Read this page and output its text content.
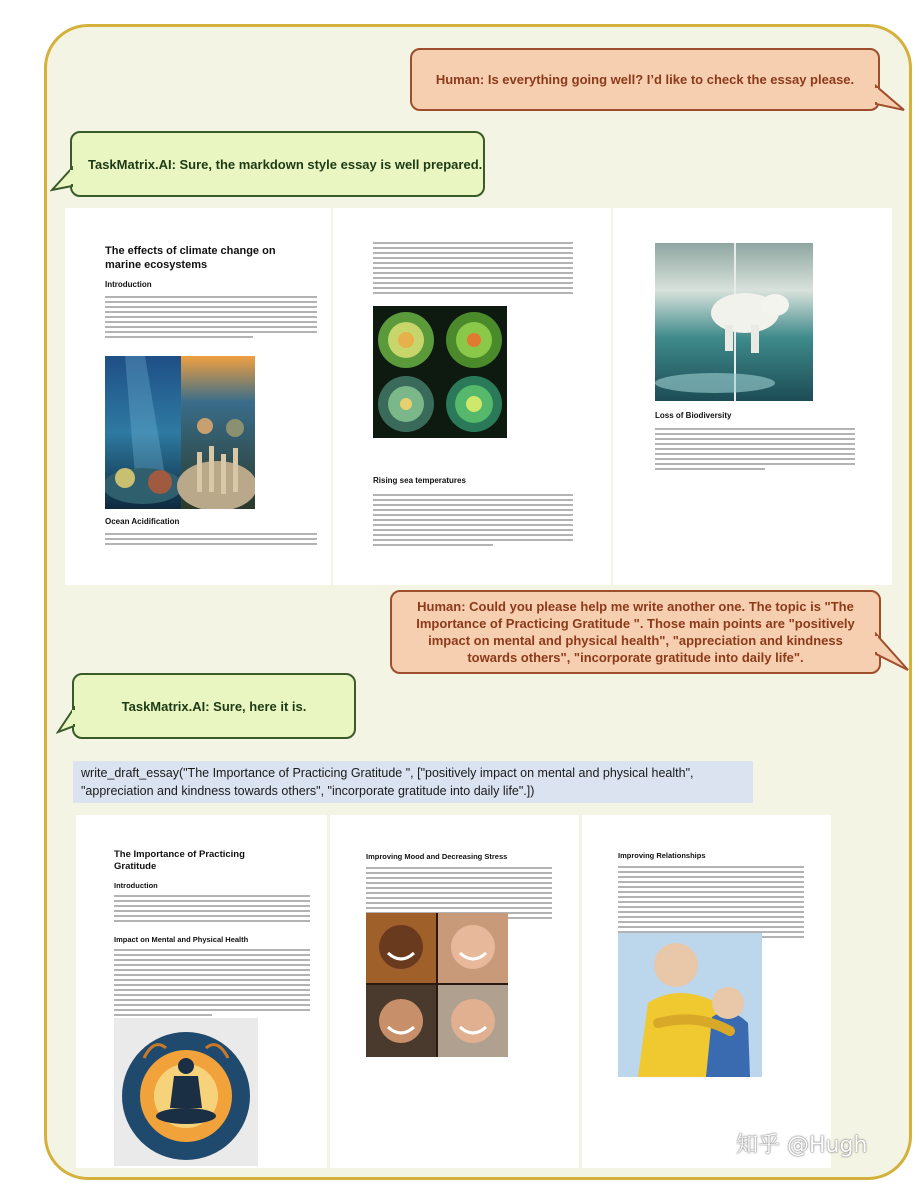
Human: Is everything going well? I’d like to check the essay please.
TaskMatrix.AI: Sure, the markdown style essay is well prepared.
The effects of climate change on marine ecosystems
Introduction
Ocean Acidification
Rising sea temperatures
Loss of Biodiversity
Human: Could you please help me write another one. The topic is "The Importance of Practicing Gratitude ". Those main points are "positively impact on mental and physical health", "appreciation and kindness towards others", "incorporate gratitude into daily life".
TaskMatrix.AI: Sure, here it is.
write_draft_essay("The Importance of Practicing Gratitude ", ["positively impact on mental and physical health", "appreciation and kindness towards others", "incorporate gratitude into daily life".])
The Importance of Practicing Gratitude
Introduction
Impact on Mental and Physical Health
Improving Mood and Decreasing Stress	Improving Relationships
知乎 @Hugh
